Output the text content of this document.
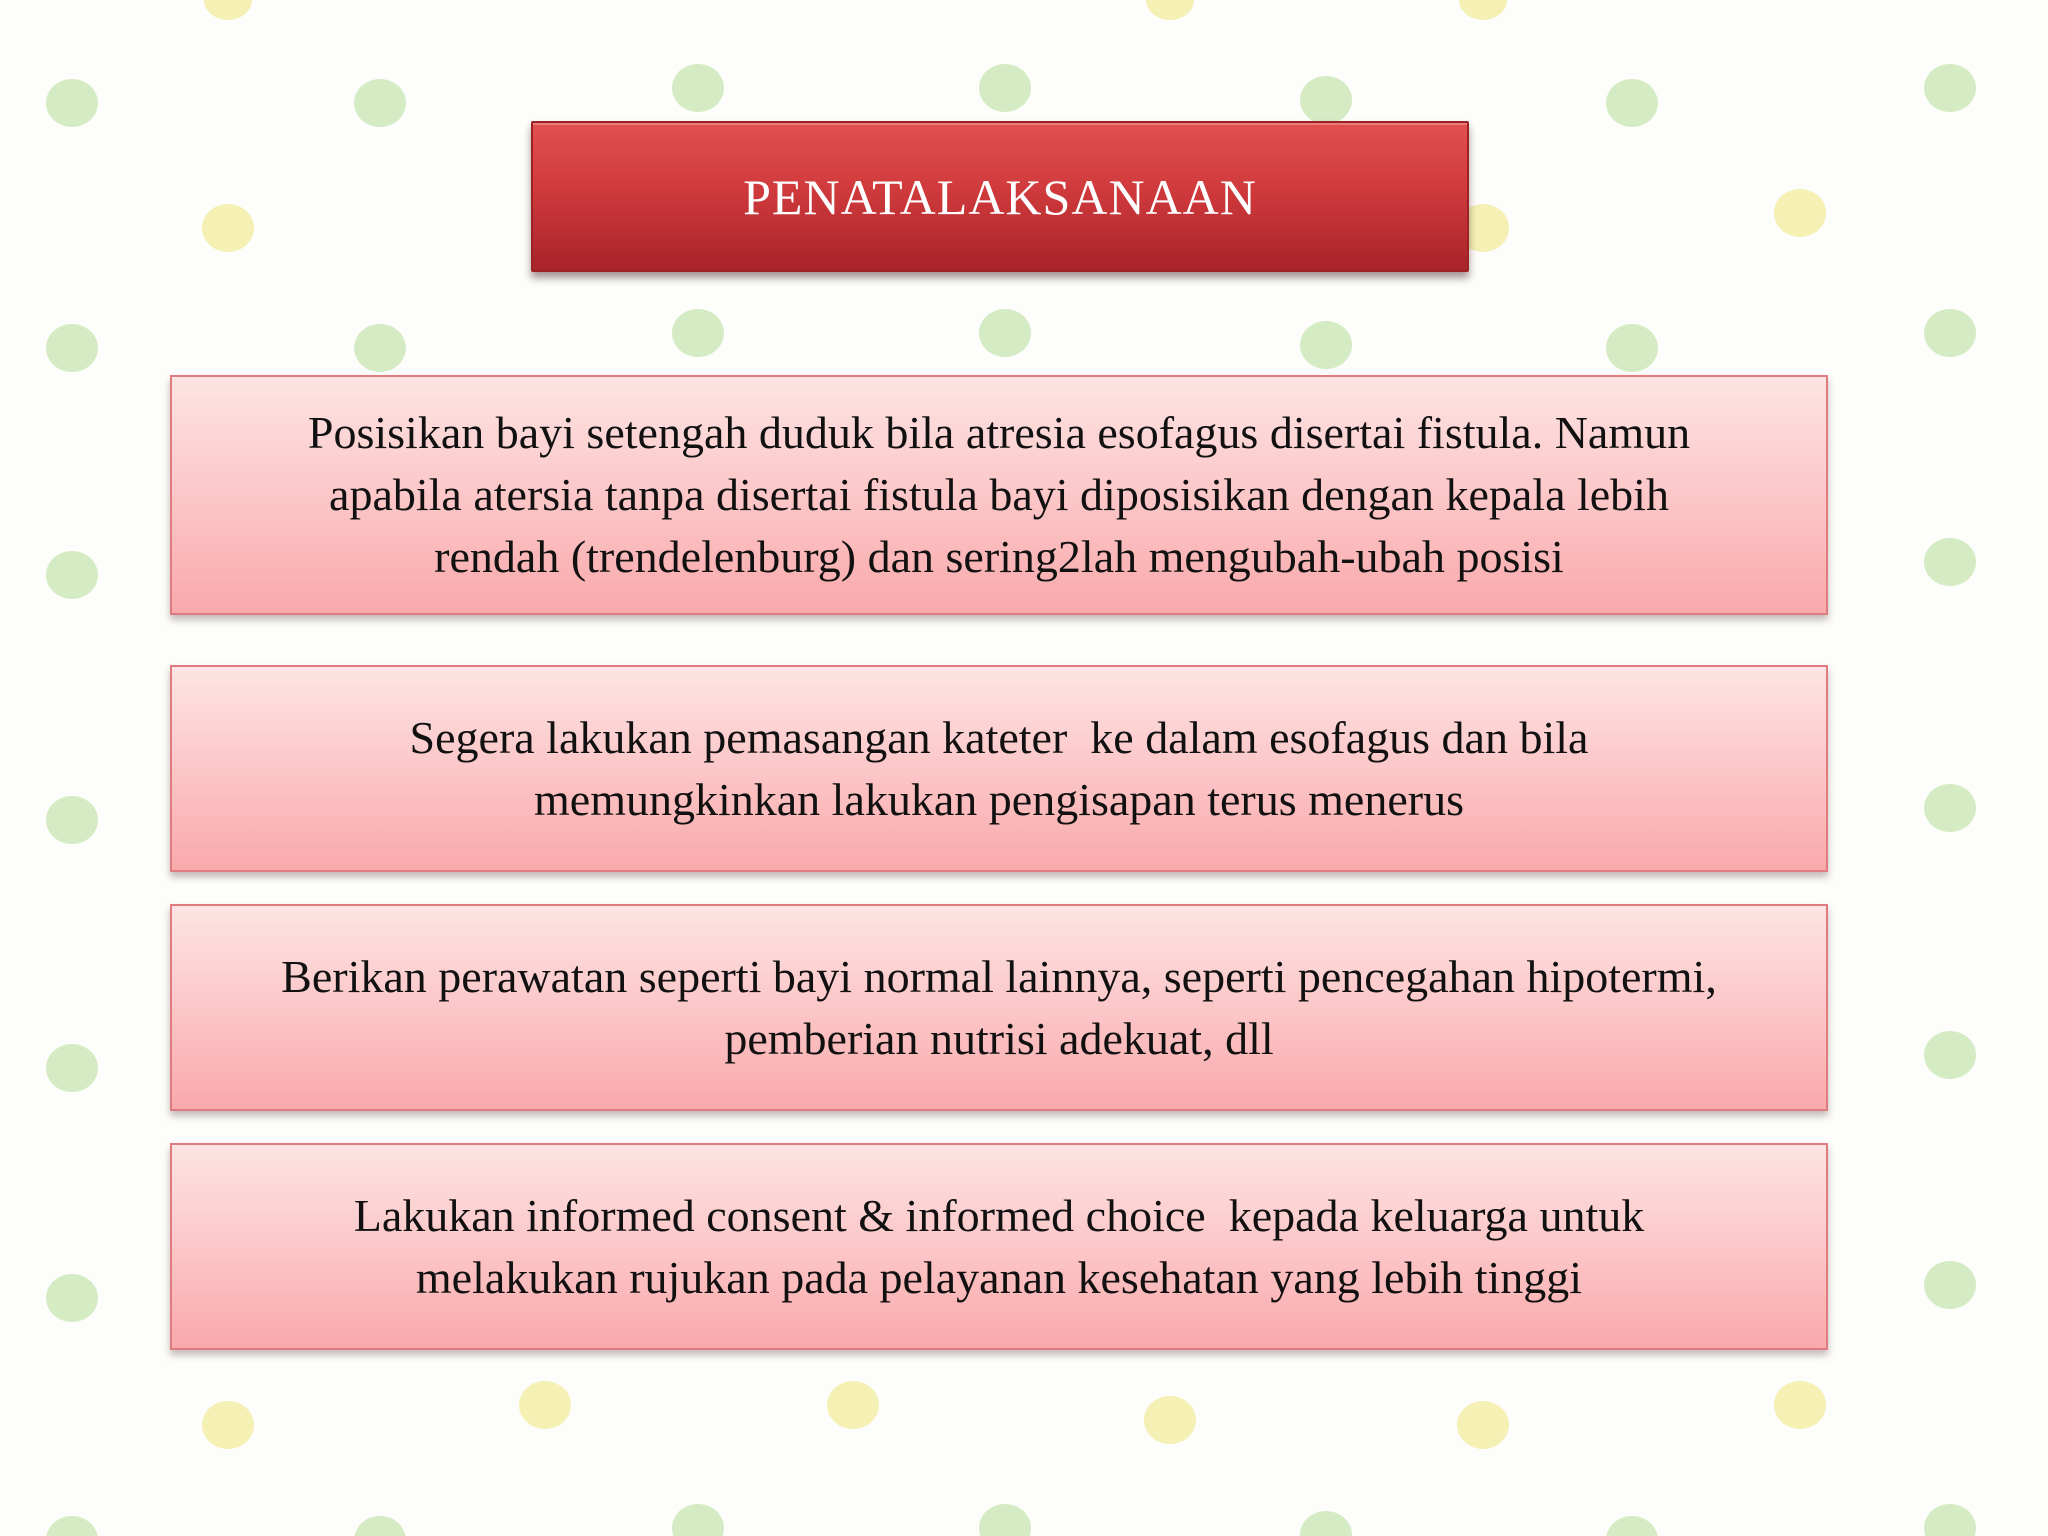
PENATALAKSANAAN
Posisikan bayi setengah duduk bila atresia esofagus disertai fistula. Namun
apabila atersia tanpa disertai fistula bayi diposisikan dengan kepala lebih
rendah (trendelenburg) dan sering2lah mengubah-ubah posisi
Segera lakukan pemasangan kateter  ke dalam esofagus dan bila
memungkinkan lakukan pengisapan terus menerus
Berikan perawatan seperti bayi normal lainnya, seperti pencegahan hipotermi,
pemberian nutrisi adekuat, dll
Lakukan informed consent & informed choice  kepada keluarga untuk
melakukan rujukan pada pelayanan kesehatan yang lebih tinggi
